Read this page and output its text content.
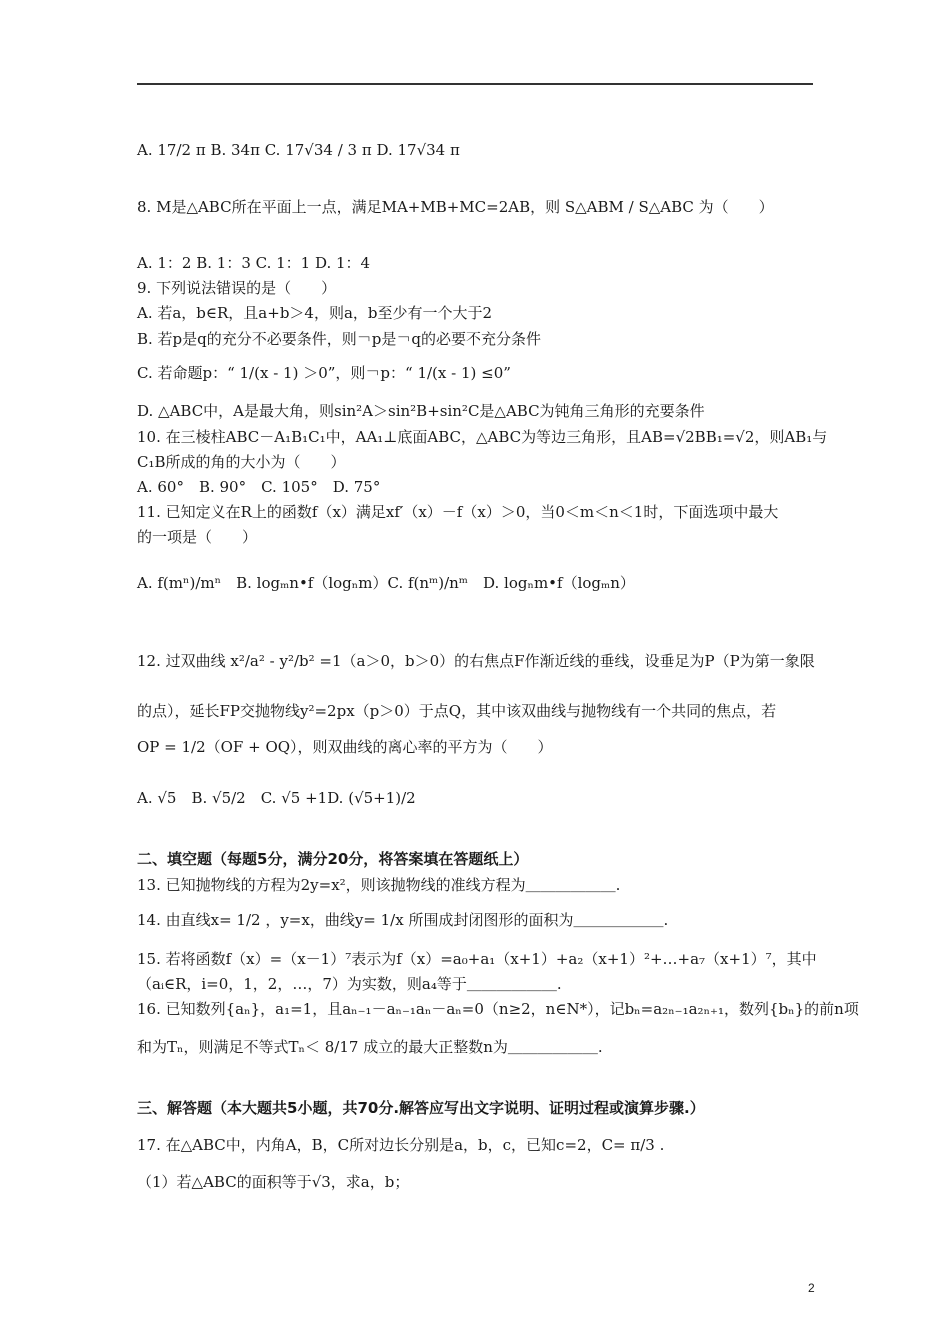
A. 17/2 π B. 34π C. 17√34 / 3 π D. 17√34 π
8. M是△ABC所在平面上一点，满足MA+MB+MC=2AB，则 S△ABM / S△ABC 为（　　）
A. 1：2 B. 1：3 C. 1：1 D. 1：4
9. 下列说法错误的是（　　）
A. 若a，b∈R，且a+b＞4，则a，b至少有一个大于2
B. 若p是q的充分不必要条件，则￢p是￢q的必要不充分条件
C. 若命题p：“ 1/(x - 1) ＞0”，则￢p：“ 1/(x - 1) ≤0”
D. △ABC中，A是最大角，则sin²A＞sin²B+sin²C是△ABC为钝角三角形的充要条件
10. 在三棱柱ABC－A₁B₁C₁中，AA₁⊥底面ABC，△ABC为等边三角形，且AB=√2BB₁=√2，则AB₁与
C₁B所成的角的大小为（　　）
A. 60°　B. 90°　C. 105°　D. 75°
11. 已知定义在R上的函数f（x）满足xf′（x）－f（x）＞0，当0＜m＜n＜1时，下面选项中最大
的一项是（　　）
A. f(mⁿ)/mⁿ　B. logₘn•f（logₙm）C. f(nᵐ)/nᵐ　D. logₙm•f（logₘn）
12. 过双曲线 x²/a² - y²/b² =1（a＞0，b＞0）的右焦点F作渐近线的垂线，设垂足为P（P为第一象限
的点），延长FP交抛物线y²=2px（p＞0）于点Q，其中该双曲线与抛物线有一个共同的焦点，若
OP = 1/2（OF + OQ），则双曲线的离心率的平方为（　　）
A. √5　B. √5/2　C. √5 +1D. (√5+1)/2
二、填空题（每题5分，满分20分，将答案填在答题纸上）
13. 已知抛物线的方程为2y=x²，则该抛物线的准线方程为＿＿＿＿＿＿.
14. 由直线x= 1/2 ，y=x，曲线y= 1/x 所围成封闭图形的面积为＿＿＿＿＿＿.
15. 若将函数f（x）=（x－1）⁷表示为f（x）=a₀+a₁（x+1）+a₂（x+1）²+…+a₇（x+1）⁷，其中
（aᵢ∈R，i=0，1，2，…，7）为实数，则a₄等于＿＿＿＿＿＿.
16. 已知数列{aₙ}，a₁=1，且aₙ₋₁－aₙ₋₁aₙ－aₙ=0（n≥2，n∈N*），记bₙ=a₂ₙ₋₁a₂ₙ₊₁，数列{bₙ}的前n项
和为Tₙ，则满足不等式Tₙ＜ 8/17 成立的最大正整数n为＿＿＿＿＿＿.
三、解答题（本大题共5小题，共70分.解答应写出文字说明、证明过程或演算步骤.）
17. 在△ABC中，内角A，B，C所对边长分别是a，b，c，已知c=2，C= π/3 .
（1）若△ABC的面积等于√3，求a，b；
2
